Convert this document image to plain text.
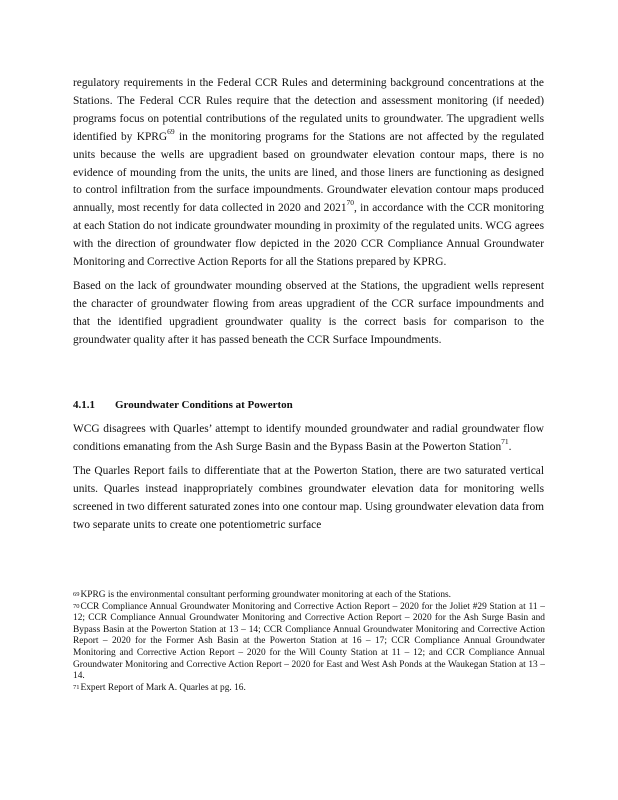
regulatory requirements in the Federal CCR Rules and determining background concentrations at the Stations. The Federal CCR Rules require that the detection and assessment monitoring (if needed) programs focus on potential contributions of the regulated units to groundwater. The upgradient wells identified by KPRG$^{69}$ in the monitoring programs for the Stations are not affected by the regulated units because the wells are upgradient based on groundwater elevation contour maps, there is no evidence of mounding from the units, the units are lined, and those liners are functioning as designed to control infiltration from the surface impoundments. Groundwater elevation contour maps produced annually, most recently for data collected in 2020 and 2021$^{70}$, in accordance with the CCR monitoring at each Station do not indicate groundwater mounding in proximity of the regulated units. WCG agrees with the direction of groundwater flow depicted in the 2020 CCR Compliance Annual Groundwater Monitoring and Corrective Action Reports for all the Stations prepared by KPRG.

Based on the lack of groundwater mounding observed at the Stations, the upgradient wells represent the character of groundwater flowing from areas upgradient of the CCR surface impoundments and that the identified upgradient groundwater quality is the correct basis for comparison to the groundwater quality after it has passed beneath the CCR Surface Impoundments.

4.1.1	Groundwater Conditions at Powerton

WCG disagrees with Quarles’ attempt to identify mounded groundwater and radial groundwater flow conditions emanating from the Ash Surge Basin and the Bypass Basin at the Powerton Station$^{71}$.

The Quarles Report fails to differentiate that at the Powerton Station, there are two saturated vertical units. Quarles instead inappropriately combines groundwater elevation data for monitoring wells screened in two different saturated zones into one contour map. Using groundwater elevation data from two separate units to create one potentiometric surface

$^{69}$KPRG is the environmental consultant performing groundwater monitoring at each of the Stations.

$^{70}$CCR Compliance Annual Groundwater Monitoring and Corrective Action Report – 2020 for the Joliet #29 Station at 11 – 12; CCR Compliance Annual Groundwater Monitoring and Corrective Action Report – 2020 for the Ash Surge Basin and Bypass Basin at the Powerton Station at 13 – 14; CCR Compliance Annual Groundwater Monitoring and Corrective Action Report – 2020 for the Former Ash Basin at the Powerton Station at 16 – 17; CCR Compliance Annual Groundwater Monitoring and Corrective Action Report – 2020 for the Will County Station at 11 – 12; and CCR Compliance Annual Groundwater Monitoring and Corrective Action Report – 2020 for East and West Ash Ponds at the Waukegan Station at 13 – 14.

$^{71}$Expert Report of Mark A. Quarles at pg. 16.
